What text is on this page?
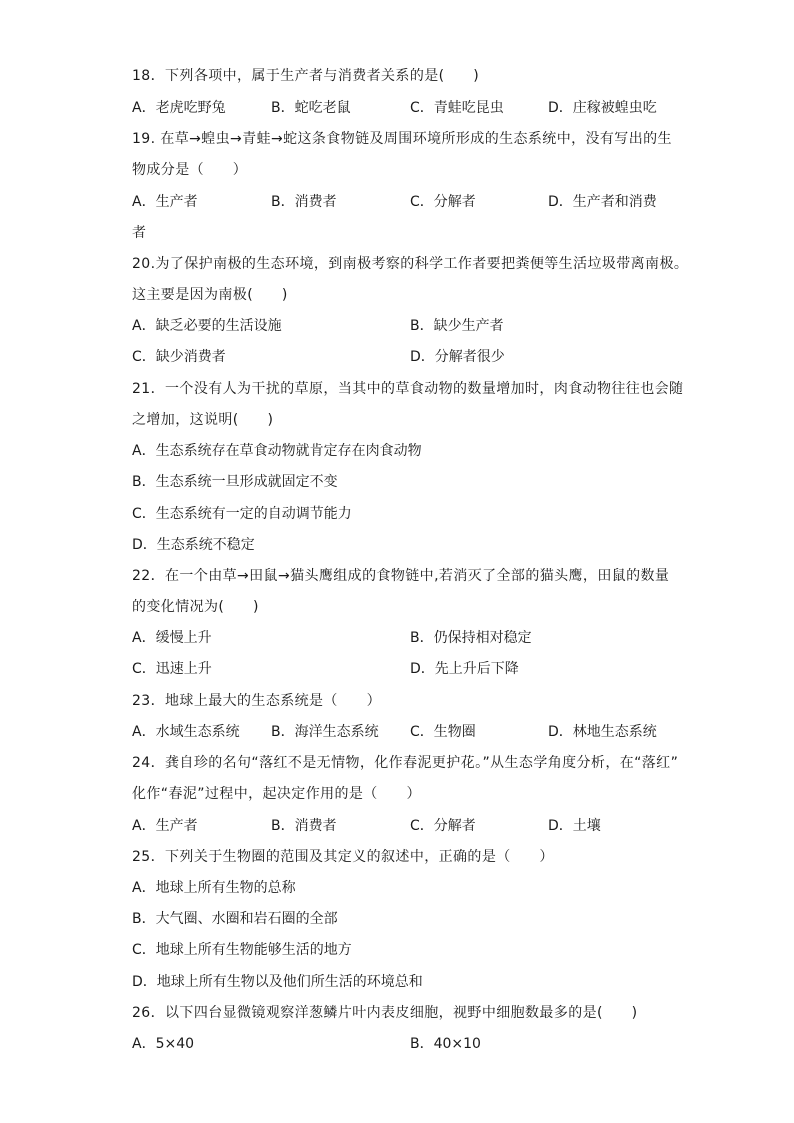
18．下列各项中，属于生产者与消费者关系的是(　　)
A．老虎吃野兔	B．蛇吃老鼠	C．青蛙吃昆虫	D．庄稼被蝗虫吃
19. 在草→蝗虫→青蛙→蛇这条食物链及周围环境所形成的生态系统中，没有写出的生
物成分是（　　）
A．生产者	B．消费者	C．分解者	D．生产者和消费
者
20.为了保护南极的生态环境，到南极考察的科学工作者要把粪便等生活垃圾带离南极。
这主要是因为南极(　　)
A．缺乏必要的生活设施	B．缺少生产者
C．缺少消费者	D．分解者很少
21．一个没有人为干扰的草原，当其中的草食动物的数量增加时，肉食动物往往也会随
之增加，这说明(　　)
A．生态系统存在草食动物就肯定存在肉食动物
B．生态系统一旦形成就固定不变
C．生态系统有一定的自动调节能力
D．生态系统不稳定
22．在一个由草→田鼠→猫头鹰组成的食物链中,若消灭了全部的猫头鹰，田鼠的数量
的变化情况为(　　)
A．缓慢上升	B．仍保持相对稳定
C．迅速上升	D．先上升后下降
23．地球上最大的生态系统是（　　）
A．水域生态系统 B．海洋生态系统 C．生物圈	D．林地生态系统
24．龚自珍的名句“落红不是无情物，化作春泥更护花。”从生态学角度分析，在“落红”
化作“春泥”过程中，起决定作用的是（　　）
A．生产者	B．消费者	C．分解者	D．土壤
25．下列关于生物圈的范围及其定义的叙述中，正确的是（　　）
A．地球上所有生物的总称
B．大气圈、水圈和岩石圈的全部
C．地球上所有生物能够生活的地方
D．地球上所有生物以及他们所生活的环境总和
26．以下四台显微镜观察洋葱鳞片叶内表皮细胞，视野中细胞数最多的是(　　)
A．5×40	B．40×10
